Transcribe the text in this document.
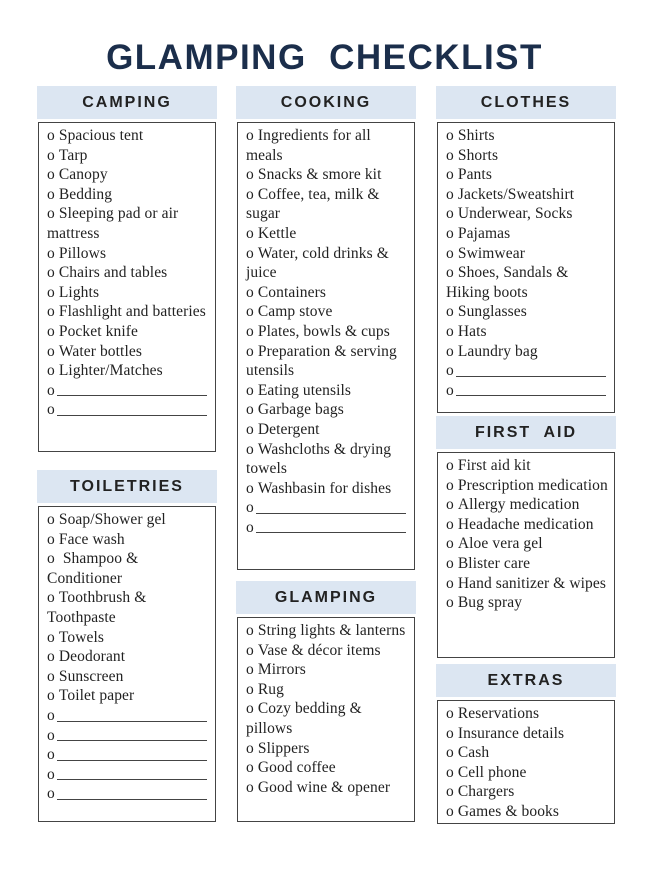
GLAMPING  CHECKLIST
CAMPING
o Spacious tent
o Tarp
o Canopy
o Bedding
o Sleeping pad or air mattress
o Pillows
o Chairs and tables
o Lights
o Flashlight and batteries
o Pocket knife
o Water bottles
o Lighter/Matches
o
o
TOILETRIES
o Soap/Shower gel
o Face wash
o Shampoo & Conditioner
o Toothbrush & Toothpaste
o Towels
o Deodorant
o Sunscreen
o Toilet paper
o
o
o
o
o
COOKING
o Ingredients for all meals
o Snacks & smore kit
o Coffee, tea, milk & sugar
o Kettle
o Water, cold drinks & juice
o Containers
o Camp stove
o Plates, bowls & cups
o Preparation & serving utensils
o Eating utensils
o Garbage bags
o Detergent
o Washcloths & drying towels
o Washbasin for dishes
o
o
GLAMPING
o String lights & lanterns
o Vase & décor items
o Mirrors
o Rug
o Cozy bedding & pillows
o Slippers
o Good coffee
o Good wine & opener
CLOTHES
o Shirts
o Shorts
o Pants
o Jackets/Sweatshirt
o Underwear, Socks
o Pajamas
o Swimwear
o Shoes, Sandals & Hiking boots
o Sunglasses
o Hats
o Laundry bag
o
o
FIRST  AID
o First aid kit
o Prescription medication
o Allergy medication
o Headache medication
o Aloe vera gel
o Blister care
o Hand sanitizer & wipes
o Bug spray
EXTRAS
o Reservations
o Insurance details
o Cash
o Cell phone
o Chargers
o Games & books
